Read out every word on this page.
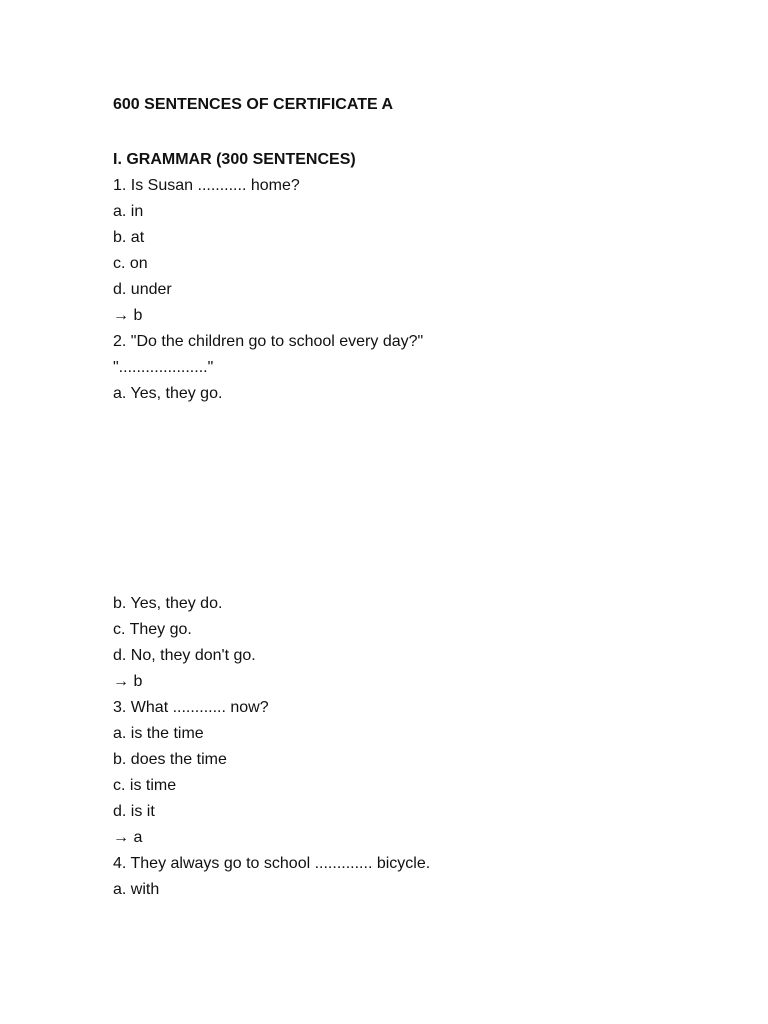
600 SENTENCES OF CERTIFICATE A

I. GRAMMAR (300 SENTENCES)
1. Is Susan ........... home?
a. in
b. at
c. on
d. under
→ b
2. "Do the children go to school every day?"
"...................."
a. Yes, they go.
b. Yes, they do.
c. They go.
d. No, they don't go.
→ b
3. What ............ now?
a. is the time
b. does the time
c. is time
d. is it
→ a
4. They always go to school ............. bicycle.
a. with
